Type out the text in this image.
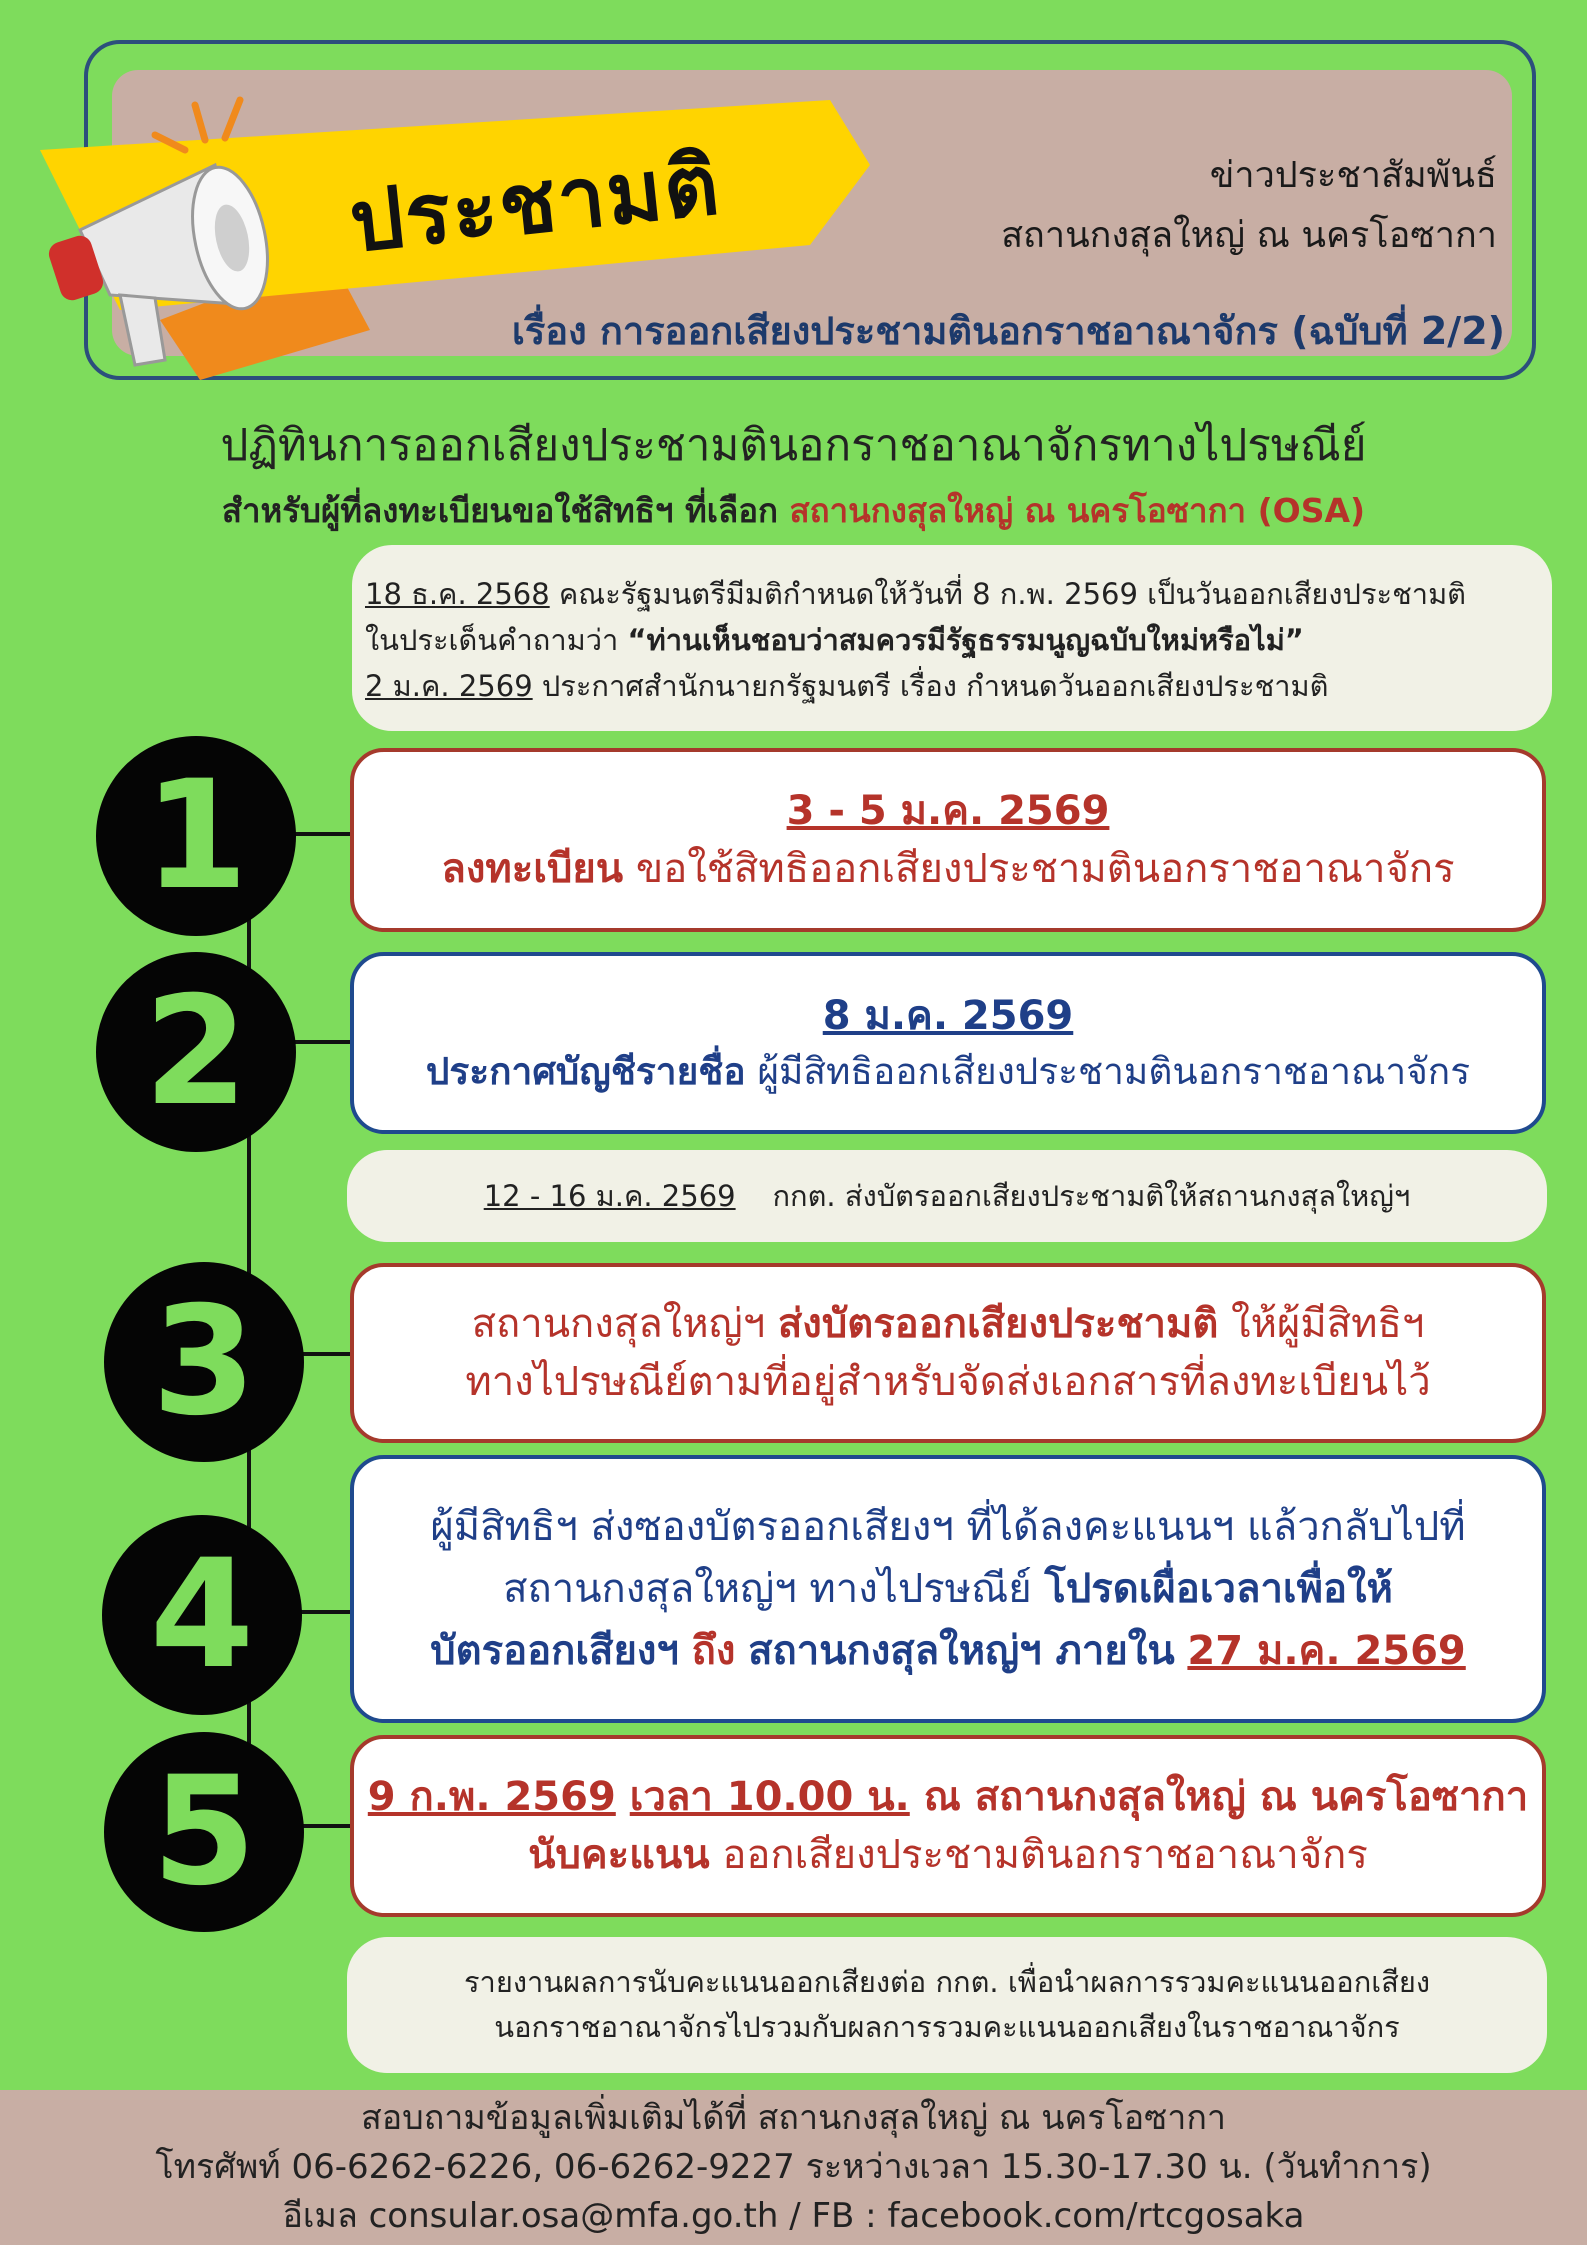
ประชามติ	ข่าวประชาสัมพันธ์
สถานกงสุลใหญ่ ณ นครโอซากา
เรื่อง การออกเสียงประชามตินอกราชอาณาจักร (ฉบับที่ 2/2)
ปฏิทินการออกเสียงประชามตินอกราชอาณาจักรทางไปรษณีย์
สำหรับผู้ที่ลงทะเบียนขอใช้สิทธิฯ ที่เลือก สถานกงสุลใหญ่ ณ นครโอซากา (OSA)
18 ธ.ค. 2568 คณะรัฐมนตรีมีมติกำหนดให้วันที่ 8 ก.พ. 2569 เป็นวันออกเสียงประชามติ
ในประเด็นคำถามว่า “ท่านเห็นชอบว่าสมควรมีรัฐธรรมนูญฉบับใหม่หรือไม่”
2 ม.ค. 2569 ประกาศสำนักนายกรัฐมนตรี เรื่อง กำหนดวันออกเสียงประชามติ
1
2
3
4
5
3 - 5 ม.ค. 2569
ลงทะเบียน ขอใช้สิทธิออกเสียงประชามตินอกราชอาณาจักร
8 ม.ค. 2569
ประกาศบัญชีรายชื่อ ผู้มีสิทธิออกเสียงประชามตินอกราชอาณาจักร
12 - 16 ม.ค. 2569 กกต. ส่งบัตรออกเสียงประชามติให้สถานกงสุลใหญ่ฯ
สถานกงสุลใหญ่ฯ ส่งบัตรออกเสียงประชามติ ให้ผู้มีสิทธิฯ
ทางไปรษณีย์ตามที่อยู่สำหรับจัดส่งเอกสารที่ลงทะเบียนไว้
ผู้มีสิทธิฯ ส่งซองบัตรออกเสียงฯ ที่ได้ลงคะแนนฯ แล้วกลับไปที่
สถานกงสุลใหญ่ฯ ทางไปรษณีย์ โปรดเผื่อเวลาเพื่อให้
บัตรออกเสียงฯ ถึง สถานกงสุลใหญ่ฯ ภายใน 27 ม.ค. 2569
9 ก.พ. 2569 เวลา 10.00 น. ณ สถานกงสุลใหญ่ ณ นครโอซากา
นับคะแนน ออกเสียงประชามตินอกราชอาณาจักร
รายงานผลการนับคะแนนออกเสียงต่อ กกต. เพื่อนำผลการรวมคะแนนออกเสียง
นอกราชอาณาจักรไปรวมกับผลการรวมคะแนนออกเสียงในราชอาณาจักร
สอบถามข้อมูลเพิ่มเติมได้ที่ สถานกงสุลใหญ่ ณ นครโอซากา
โทรศัพท์ 06-6262-6226, 06-6262-9227 ระหว่างเวลา 15.30-17.30 น. (วันทำการ)
อีเมล consular.osa@mfa.go.th / FB : facebook.com/rtcgosaka
